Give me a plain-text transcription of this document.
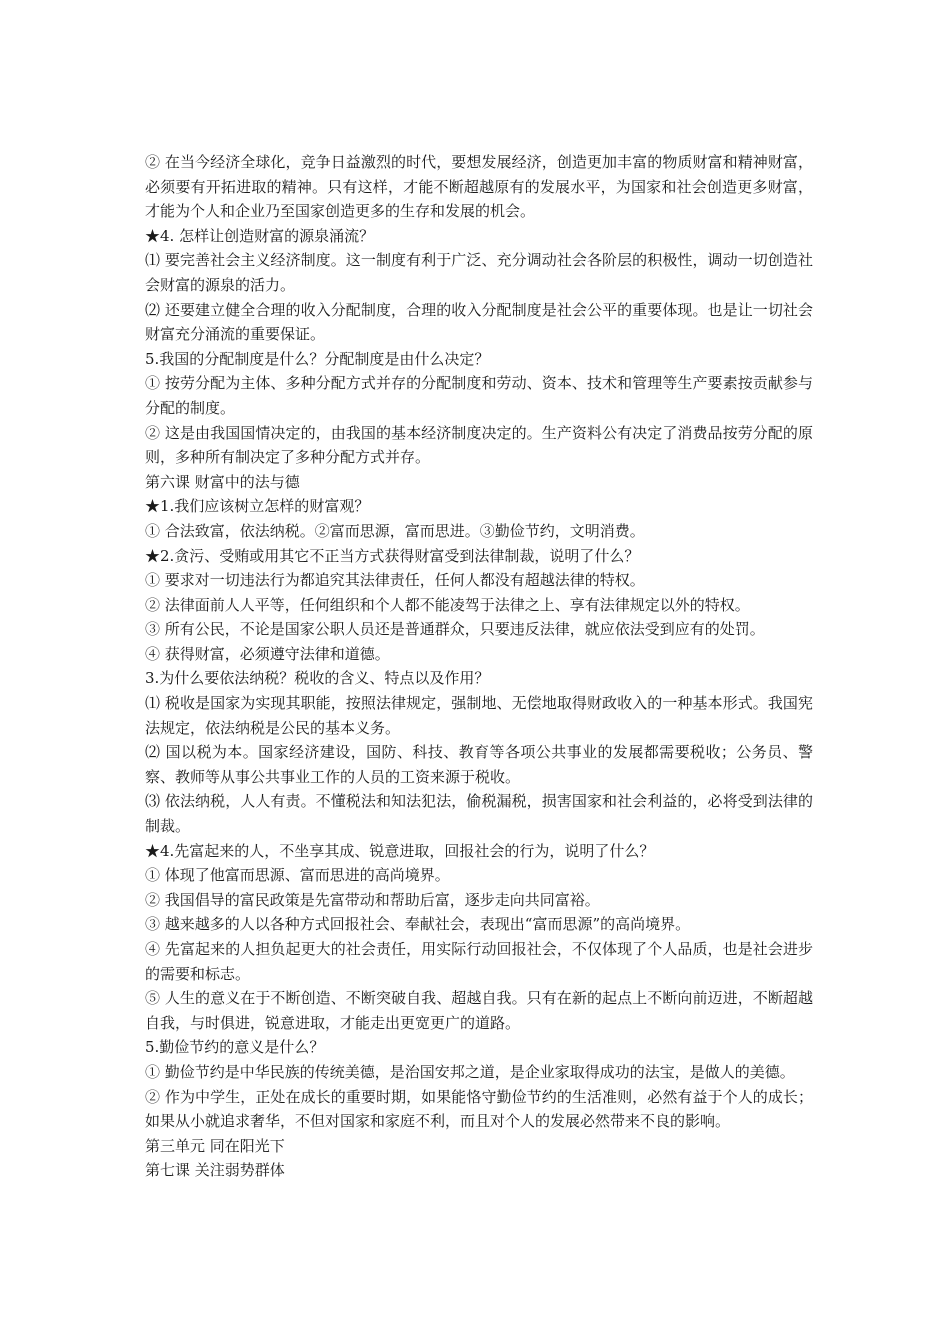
② 在当今经济全球化，竞争日益激烈的时代，要想发展经济，创造更加丰富的物质财富和精神财富，必须要有开拓进取的精神。只有这样，才能不断超越原有的发展水平，为国家和社会创造更多财富，才能为个人和企业乃至国家创造更多的生存和发展的机会。

★4. 怎样让创造财富的源泉涌流？

⑴ 要完善社会主义经济制度。这一制度有利于广泛、充分调动社会各阶层的积极性，调动一切创造社会财富的源泉的活力。

⑵ 还要建立健全合理的收入分配制度，合理的收入分配制度是社会公平的重要体现。也是让一切社会财富充分涌流的重要保证。

5.我国的分配制度是什么？分配制度是由什么决定？

① 按劳分配为主体、多种分配方式并存的分配制度和劳动、资本、技术和管理等生产要素按贡献参与分配的制度。

② 这是由我国国情决定的，由我国的基本经济制度决定的。生产资料公有决定了消费品按劳分配的原则，多种所有制决定了多种分配方式并存。

第六课 财富中的法与德

★1.我们应该树立怎样的财富观？

① 合法致富，依法纳税。②富而思源，富而思进。③勤俭节约，文明消费。

★2.贪污、受贿或用其它不正当方式获得财富受到法律制裁，说明了什么？

① 要求对一切违法行为都追究其法律责任，任何人都没有超越法律的特权。

② 法律面前人人平等，任何组织和个人都不能凌驾于法律之上、享有法律规定以外的特权。

③ 所有公民，不论是国家公职人员还是普通群众，只要违反法律，就应依法受到应有的处罚。

④ 获得财富，必须遵守法律和道德。

3.为什么要依法纳税？税收的含义、特点以及作用？

⑴ 税收是国家为实现其职能，按照法律规定，强制地、无偿地取得财政收入的一种基本形式。我国宪法规定，依法纳税是公民的基本义务。

⑵ 国以税为本。国家经济建设，国防、科技、教育等各项公共事业的发展都需要税收；公务员、警察、教师等从事公共事业工作的人员的工资来源于税收。

⑶ 依法纳税，人人有责。不懂税法和知法犯法，偷税漏税，损害国家和社会利益的，必将受到法律的制裁。

★4.先富起来的人，不坐享其成、锐意进取，回报社会的行为，说明了什么？

① 体现了他富而思源、富而思进的高尚境界。

② 我国倡导的富民政策是先富带动和帮助后富，逐步走向共同富裕。

③ 越来越多的人以各种方式回报社会、奉献社会，表现出“富而思源”的高尚境界。

④ 先富起来的人担负起更大的社会责任，用实际行动回报社会，不仅体现了个人品质，也是社会进步的需要和标志。

⑤ 人生的意义在于不断创造、不断突破自我、超越自我。只有在新的起点上不断向前迈进，不断超越自我，与时俱进，锐意进取，才能走出更宽更广的道路。

5.勤俭节约的意义是什么？

① 勤俭节约是中华民族的传统美德，是治国安邦之道，是企业家取得成功的法宝，是做人的美德。

② 作为中学生，正处在成长的重要时期，如果能恪守勤俭节约的生活准则，必然有益于个人的成长；如果从小就追求奢华，不但对国家和家庭不利，而且对个人的发展必然带来不良的影响。

第三单元 同在阳光下

第七课 关注弱势群体
